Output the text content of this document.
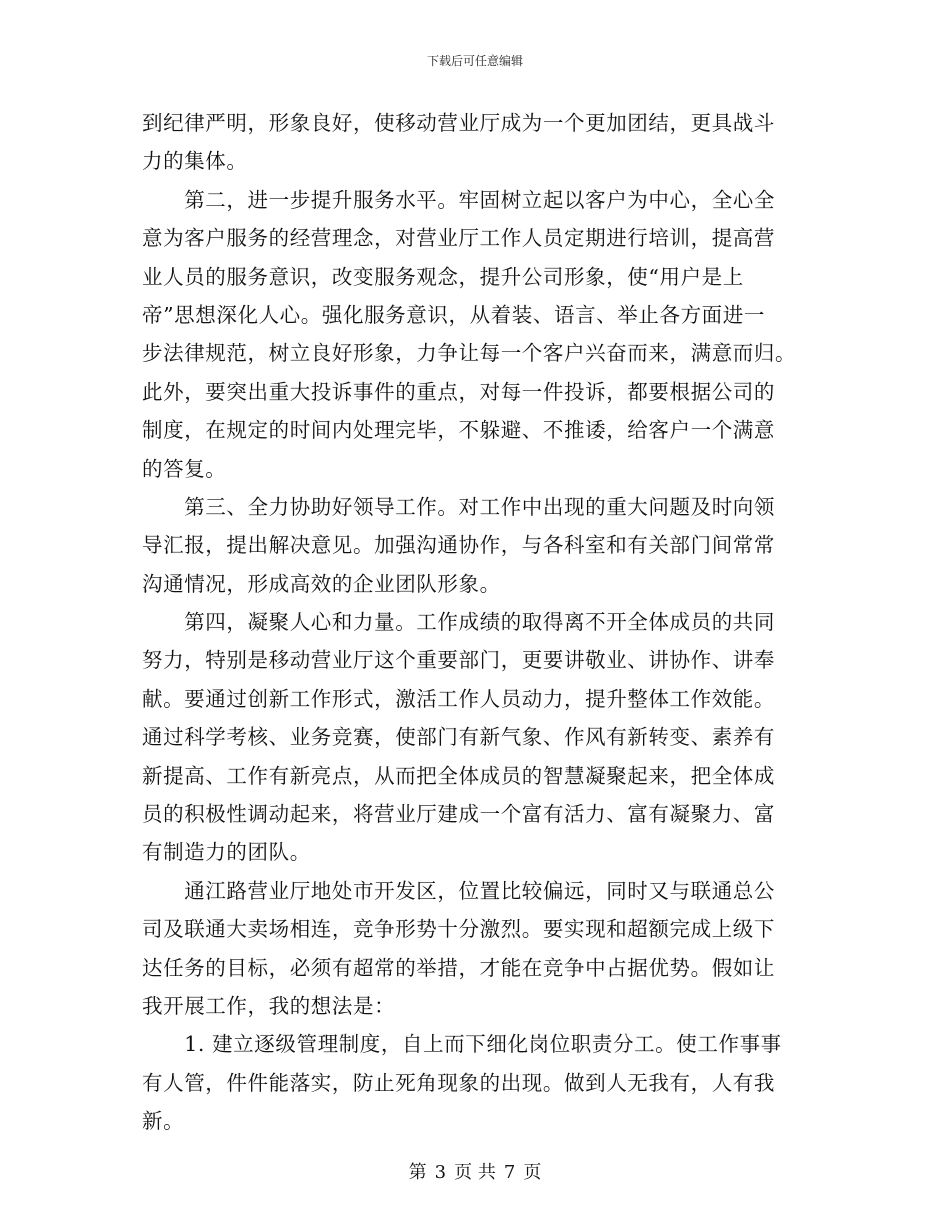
下载后可任意编辑
到纪律严明，形象良好，使移动营业厅成为一个更加团结，更具战斗
力的集体。
　　第二，进一步提升服务水平。牢固树立起以客户为中心，全心全
意为客户服务的经营理念，对营业厅工作人员定期进行培训，提高营
业人员的服务意识，改变服务观念，提升公司形象，使“用户是上
帝”思想深化人心。强化服务意识，从着装、语言、举止各方面进一
步法律规范，树立良好形象，力争让每一个客户兴奋而来，满意而归。
此外，要突出重大投诉事件的重点，对每一件投诉，都要根据公司的
制度，在规定的时间内处理完毕，不躲避、不推诿，给客户一个满意
的答复。
　　第三、全力协助好领导工作。对工作中出现的重大问题及时向领
导汇报，提出解决意见。加强沟通协作，与各科室和有关部门间常常
沟通情况，形成高效的企业团队形象。
　　第四，凝聚人心和力量。工作成绩的取得离不开全体成员的共同
努力，特别是移动营业厅这个重要部门，更要讲敬业、讲协作、讲奉
献。要通过创新工作形式，激活工作人员动力，提升整体工作效能。
通过科学考核、业务竞赛，使部门有新气象、作风有新转变、素养有
新提高、工作有新亮点，从而把全体成员的智慧凝聚起来，把全体成
员的积极性调动起来，将营业厅建成一个富有活力、富有凝聚力、富
有制造力的团队。
　　通江路营业厅地处市开发区，位置比较偏远，同时又与联通总公
司及联通大卖场相连，竞争形势十分激烈。要实现和超额完成上级下
达任务的目标，必须有超常的举措，才能在竞争中占据优势。假如让
我开展工作，我的想法是：
　　1. 建立逐级管理制度，自上而下细化岗位职责分工。使工作事事
有人管，件件能落实，防止死角现象的出现。做到人无我有，人有我
新。
第 3 页 共 7 页
